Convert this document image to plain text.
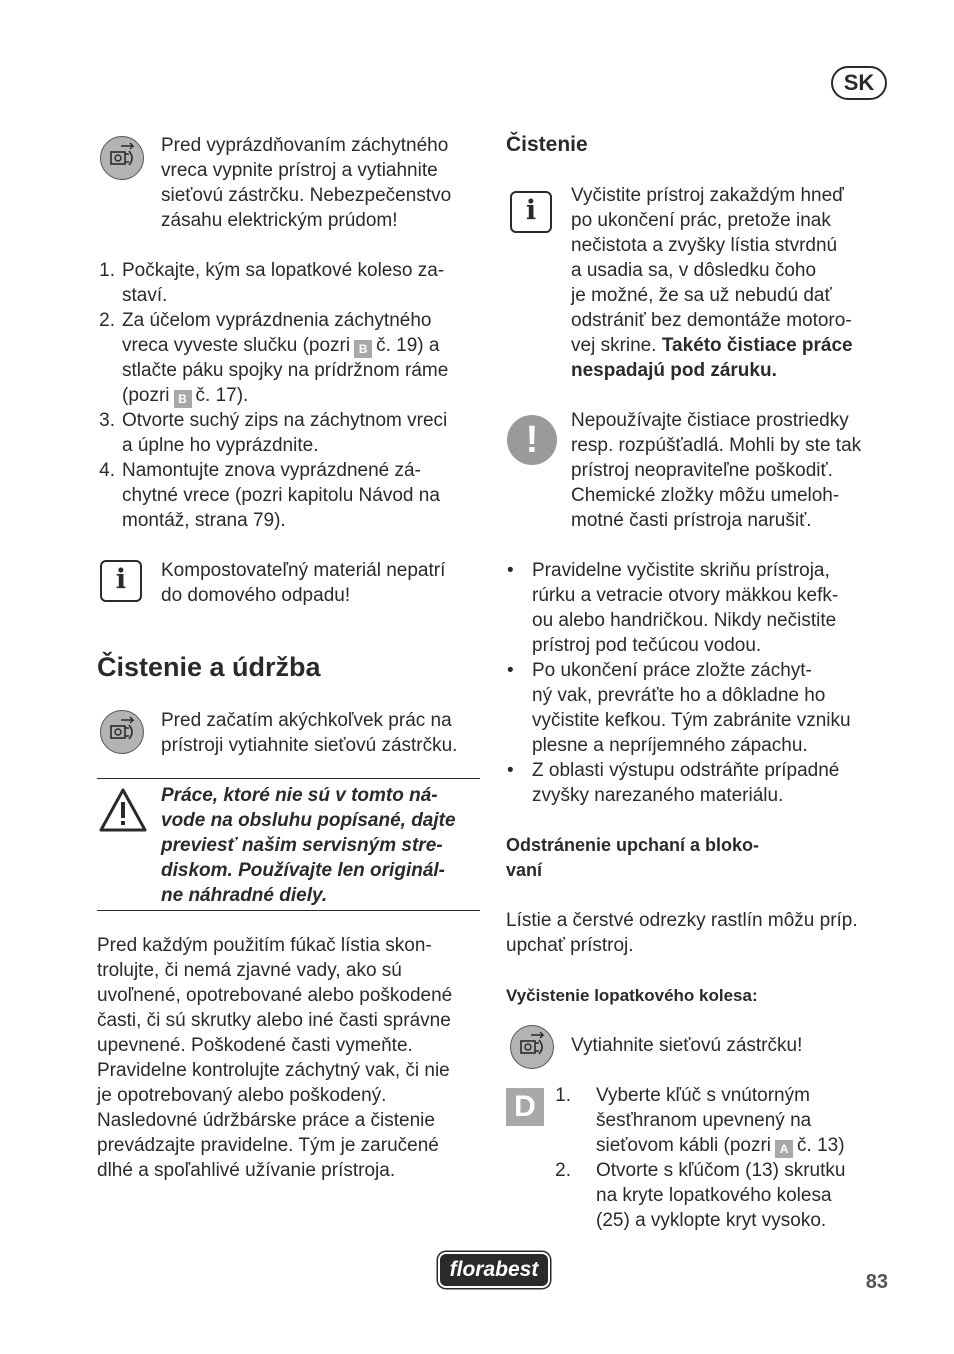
SK
Pred vyprázdňovaním záchytného
vreca vypnite prístroj a vytiahnite
sieťovú zástrčku. Nebezpečenstvo
zásahu elektrickým prúdom!
1. Počkajte, kým sa lopatkové koleso za-
staví.
2. Za účelom vyprázdnenia záchytného
vreca vyveste slučku (pozri B č. 19) a
stlačte páku spojky na prídržnom ráme
(pozri B č. 17).
3. Otvorte suchý zips na záchytnom vreci
a úplne ho vyprázdnite.
4. Namontujte znova vyprázdnené zá-
chytné vrece (pozri kapitolu Návod na
montáž, strana 79).
i	Kompostovateľný materiál nepatrí
do domového odpadu!
Čistenie a údržba
Pred začatím akýchkoľvek prác na
prístroji vytiahnite sieťovú zástrčku.
Práce, ktoré nie sú v tomto ná-
vode na obsluhu popísané, dajte
previesť našim servisným stre-
diskom. Používajte len originál-
ne náhradné diely.
Pred každým použitím fúkač lístia skon-
trolujte, či nemá zjavné vady, ako sú
uvoľnené, opotrebované alebo poškodené
časti, či sú skrutky alebo iné časti správne
upevnené. Poškodené časti vymeňte.
Pravidelne kontrolujte záchytný vak, či nie
je opotrebovaný alebo poškodený.
Nasledovné údržbárske práce a čistenie
prevádzajte pravidelne. Tým je zaručené
dlhé a spoľahlivé užívanie prístroja.
Čistenie
i	Vyčistite prístroj zakaždým hneď
po ukončení prác, pretože inak
nečistota a zvyšky lístia stvrdnú
a usadia sa, v dôsledku čoho
je možné, že sa už nebudú dať
odstrániť bez demontáže motoro-
vej skrine. Takéto čistiace práce
nespadajú pod záruku.
!	Nepoužívajte čistiace prostriedky
resp. rozpúšťadlá. Mohli by ste tak
prístroj neopraviteľne poškodiť.
Chemické zložky môžu umeloh-
motné časti prístroja narušiť.
• Pravidelne vyčistite skriňu prístroja,
rúrku a vetracie otvory mäkkou kefk-
ou alebo handričkou. Nikdy nečistite
prístroj pod tečúcou vodou.
• Po ukončení práce zložte záchyt-
ný vak, prevráťte ho a dôkladne ho
vyčistite kefkou. Tým zabránite vzniku
plesne a nepríjemného zápachu.
• Z oblasti výstupu odstráňte prípadné
zvyšky narezaného materiálu.
Odstránenie upchaní a bloko-
vaní
Lístie a čerstvé odrezky rastlín môžu príp.
upchať prístroj.
Vyčistenie lopatkového kolesa:
Vytiahnite sieťovú zástrčku!
D	1. Vyberte kľúč s vnútorným
šesťhranom upevnený na
sieťovom kábli (pozri A č. 13)
2. Otvorte s kľúčom (13) skrutku
na kryte lopatkového kolesa
(25) a vyklopte kryt vysoko.
florabest
83
